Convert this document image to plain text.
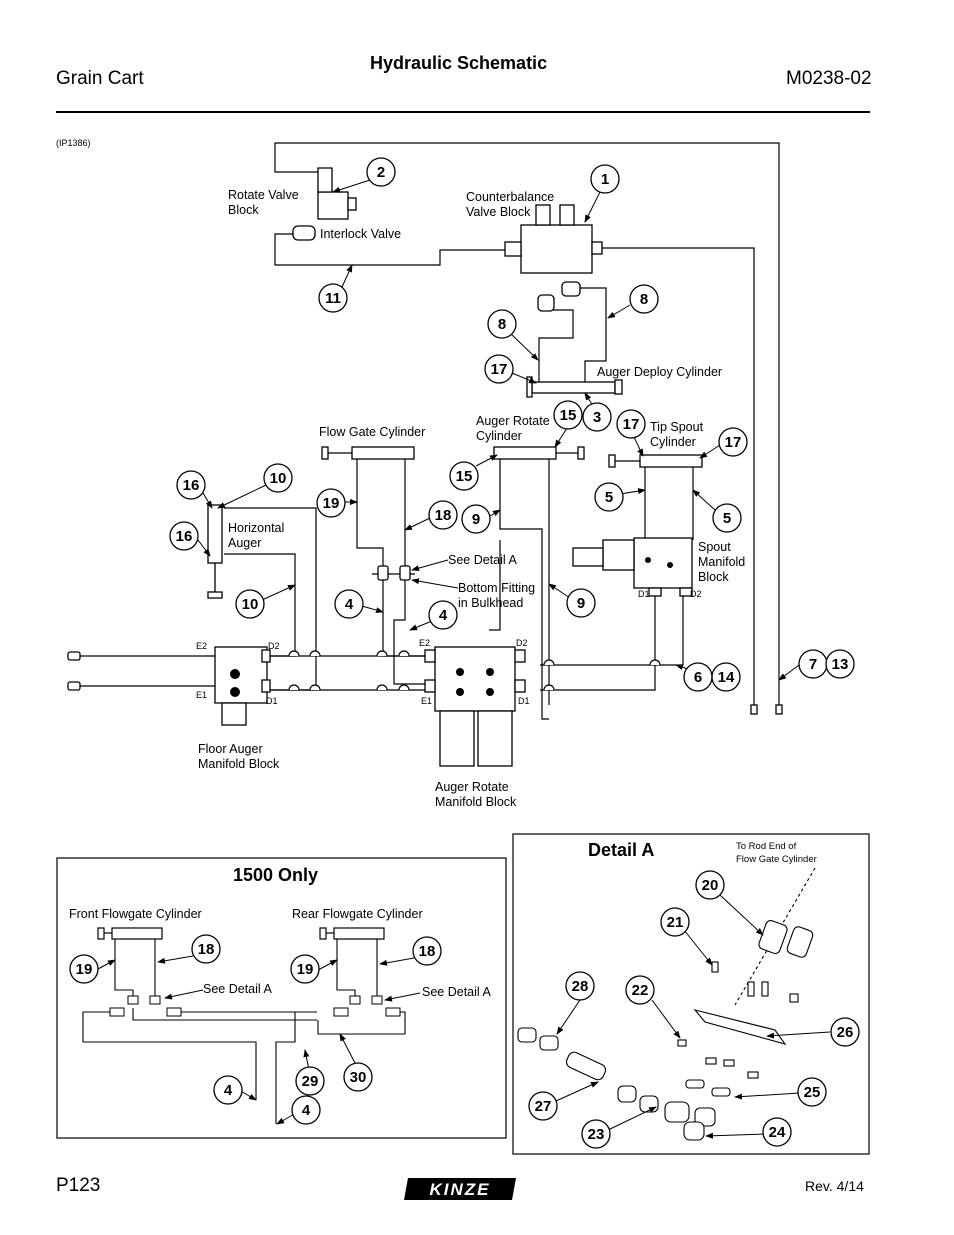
Grain Cart
Hydraulic Schematic
M0238-02
(IP1386)
Rotate Valve
Block
Interlock Valve
Counterbalance
Valve Block
Auger Deploy Cylinder
Flow Gate Cylinder
Auger Rotate
Cylinder
Tip Spout
Cylinder
Horizontal
Auger
See Detail A
Bottom Fitting
in Bulkhead
Spout
Manifold
Block
Floor Auger
Manifold Block
Auger Rotate
Manifold Block
E2
E1
D2
D1
E2
E1
D2
D1
D1	D2
2	1
11	8
8
17
15 3 17
17
15
16	10
19
18 9
5
5
16
10	4
4
9
6 14
7 13
1500 Only
Front Flowgate Cylinder	Rear Flowgate Cylinder
See Detail A	See Detail A
19
18
19
18
4
29 30
4
Detail A	To Rod End of
Flow Gate Cylinder
20
21
28	22
26
25
27
24
23
P123	KINZE	Rev. 4/14
